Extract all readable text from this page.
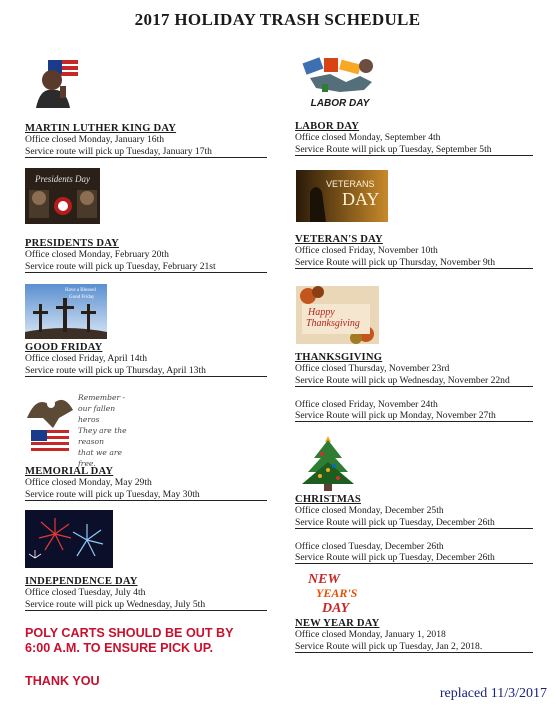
2017 HOLIDAY TRASH SCHEDULE
LABOR DAY
Presidents Day	VETERANS
DAY
Have a Blessed
Good Friday
Happy
Thanksgiving
Remember -
our fallen heros
They are the reason
that we are free.
NEW
YEAR'S
DAY
MARTIN LUTHER KING DAY
Office closed Monday, January 16th
Service route will pick up Tuesday, January 17th
PRESIDENTS DAY
Office closed Monday, February 20th
Service route will pick up Tuesday, February 21st
GOOD FRIDAY
Office closed Friday, April 14th
Service route will pick up Thursday, April 13th
MEMORIAL DAY
Office closed Monday, May 29th
Service route will pick up Tuesday, May 30th
INDEPENDENCE DAY
Office closed Tuesday, July 4th
Service route will pick up Wednesday, July 5th
LABOR DAY
Office closed Monday, September 4th
Service Route will pick up Tuesday, September 5th
VETERAN'S DAY
Office closed Friday, November 10th
Service Route will pick up Thursday, November 9th
THANKSGIVING
Office closed Thursday, November 23rd
Service Route will pick up Wednesday, November 22nd
Office closed Friday, November 24th
Service Route will pick up Monday, November 27th
CHRISTMAS
Office closed Monday, December 25th
Service Route will pick up Tuesday, December 26th
Office closed Tuesday, December 26th
Service Route will pick up Tuesday, December 26th
NEW YEAR DAY
Office closed Monday, January 1, 2018
Service Route will pick up Tuesday, Jan 2, 2018.
POLY CARTS SHOULD BE OUT BY
6:00 A.M. TO ENSURE PICK UP.
THANK YOU
replaced 11/3/2017
